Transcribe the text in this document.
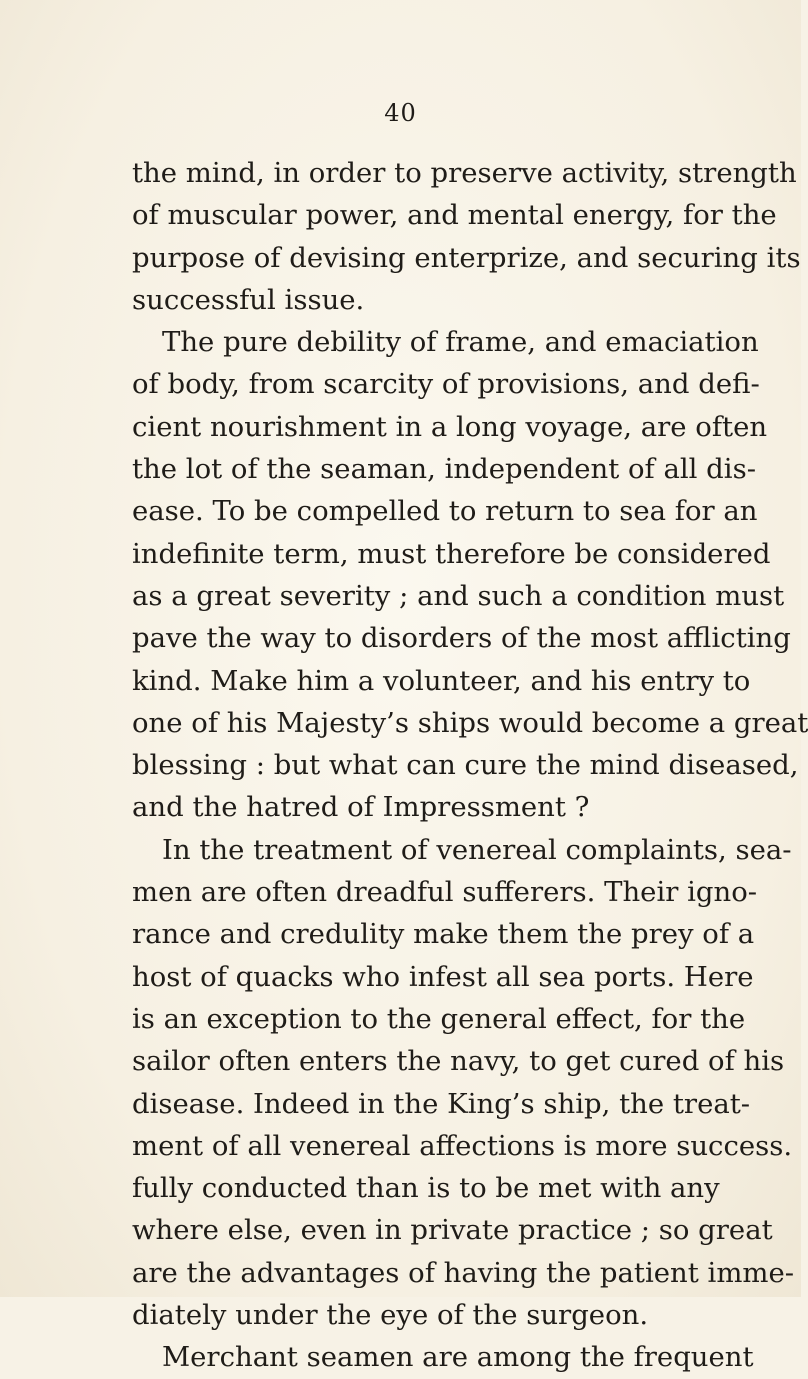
40
the mind, in order to preserve activity, strength
of muscular power, and mental energy, for the
purpose of devising enterprize, and securing its
successful issue.
The pure debility of frame, and emaciation
of body, from scarcity of provisions, and defi-
cient nourishment in a long voyage, are often
the lot of the seaman, independent of all dis-
ease. To be compelled to return to sea for an
indefinite term, must therefore be considered
as a great severity ; and such a condition must
pave the way to disorders of the most afflicting
kind. Make him a volunteer, and his entry to
one of his Majesty’s ships would become a great
blessing : but what can cure the mind diseased,
and the hatred of Impressment ?
In the treatment of venereal complaints, sea-
men are often dreadful sufferers. Their igno-
rance and credulity make them the prey of a
host of quacks who infest all sea ports. Here
is an exception to the general effect, for the
sailor often enters the navy, to get cured of his
disease. Indeed in the King’s ship, the treat-
ment of all venereal affections is more success.
fully conducted than is to be met with any
where else, even in private practice ; so great
are the advantages of having the patient imme-
diately under the eye of the surgeon.
Merchant seamen are among the frequent
